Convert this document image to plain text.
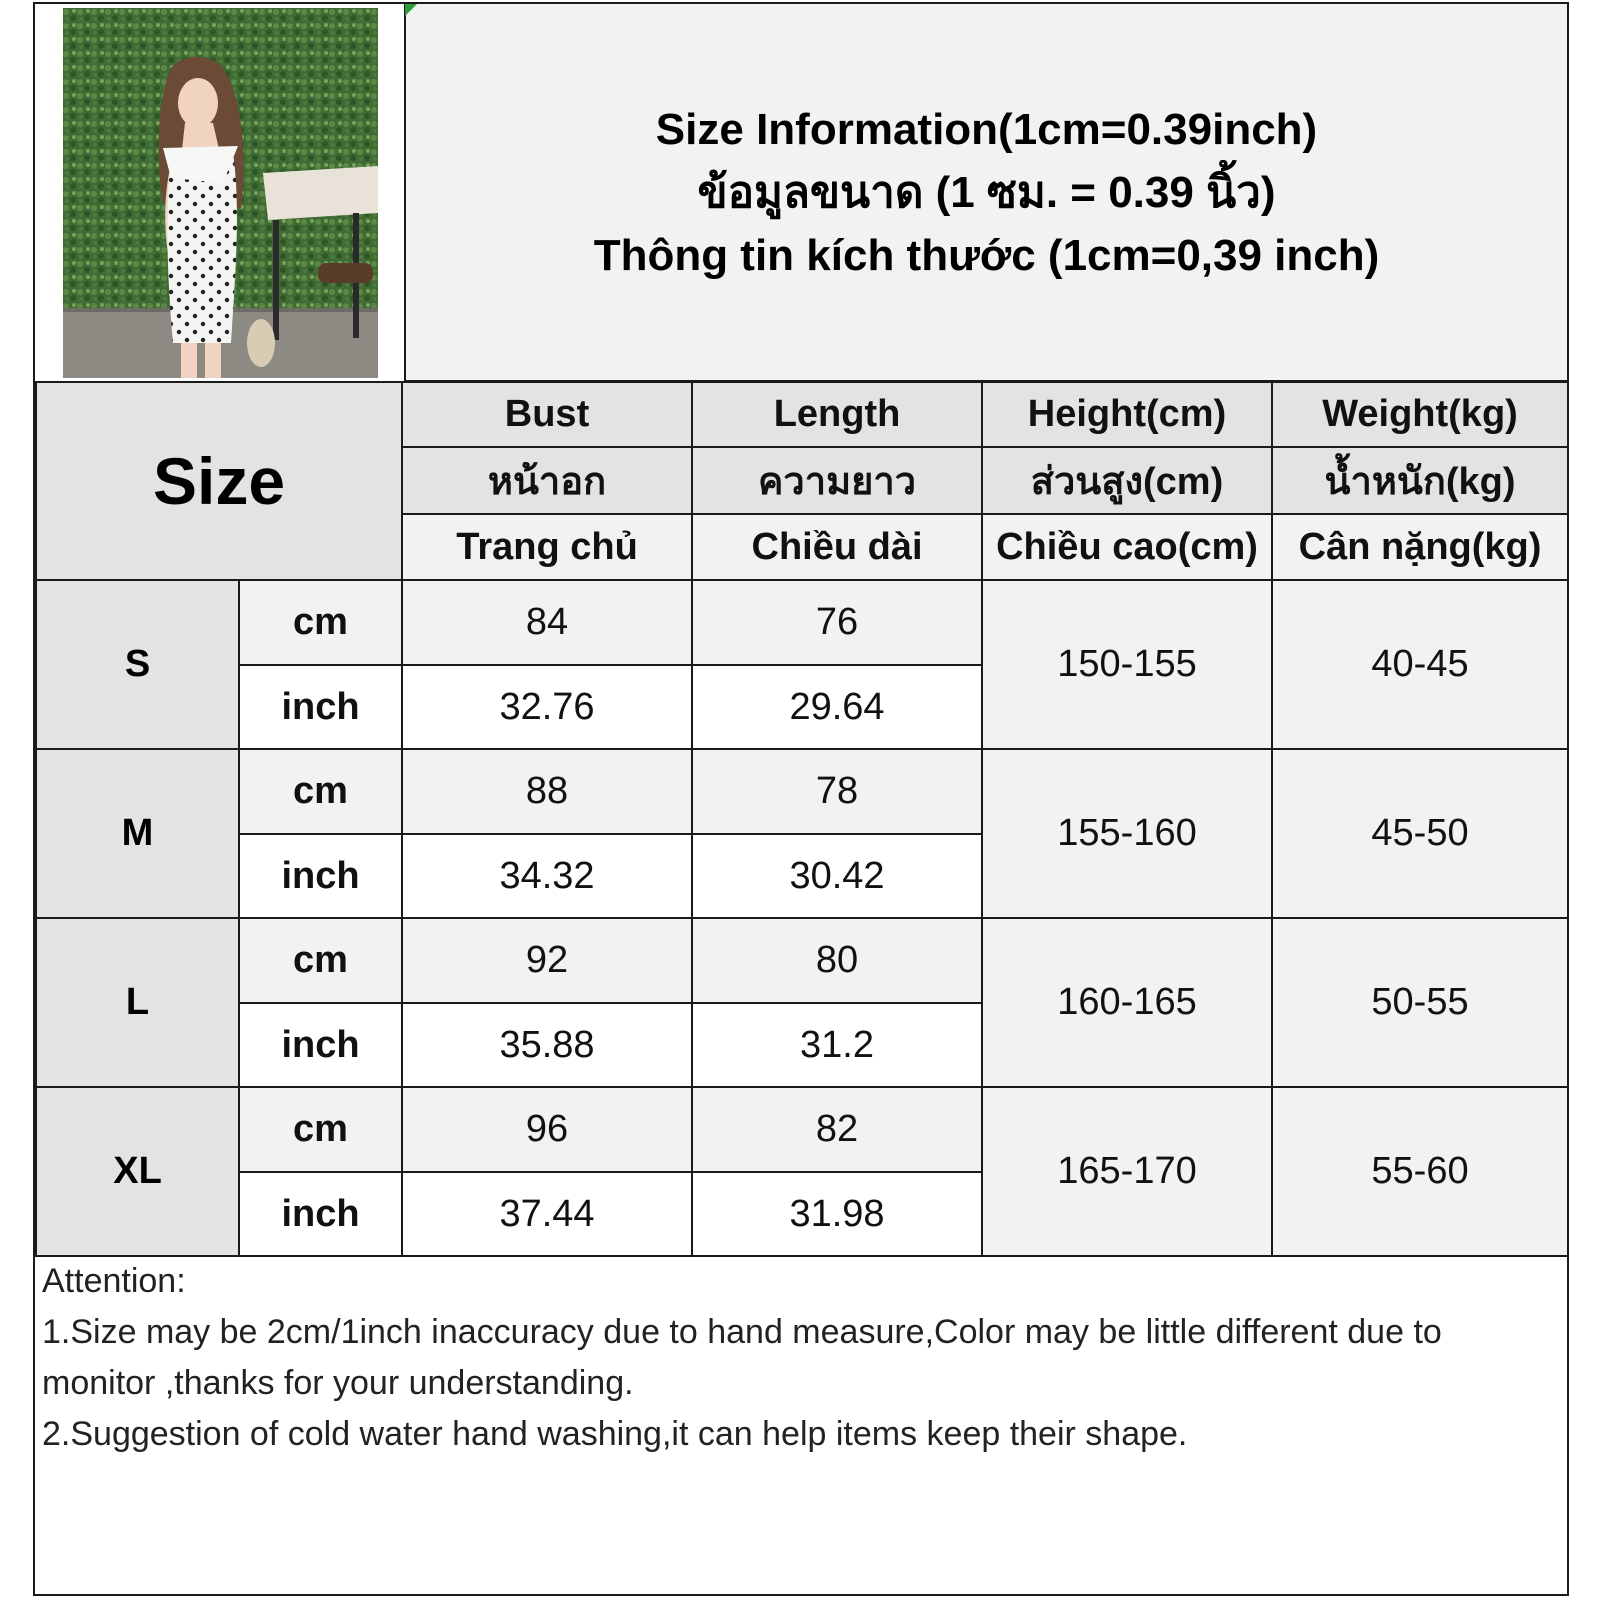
Size Information(1cm=0.39inch)
ข้อมูลขนาด (1 ซม. = 0.39 นิ้ว)
Thông tin kích thước (1cm=0,39 inch)
Size		Bust	Length	Height(cm)	Weight(kg)
		หน้าอก	ความยาว	ส่วนสูง(cm)	น้ำหนัก(kg)
		Trang chủ	Chiều dài	Chiều cao(cm)	Cân nặng(kg)
S	cm	84	76	150-155	40-45
	inch	32.76	29.64		
M	cm	88	78	155-160	45-50
	inch	34.32	30.42		
L	cm	92	80	160-165	50-55
	inch	35.88	31.2		
XL	cm	96	82	165-170	55-60
	inch	37.44	31.98		
Attention:
1.Size may be 2cm/1inch inaccuracy due to hand measure,Color may be little different due to monitor ,thanks for your understanding.
2.Suggestion of cold water hand washing,it can help items keep their shape.
